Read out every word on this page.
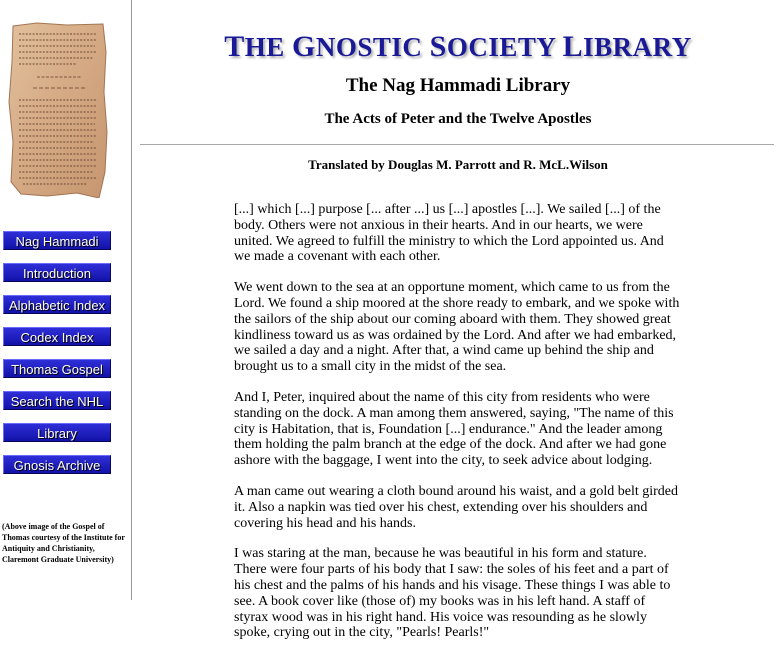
Nag Hammadi
Introduction
Alphabetic Index
Codex Index
Thomas Gospel
Search the NHL
Library
Gnosis Archive
(Above image of the Gospel of Thomas courtesy of the Institute for Antiquity and Christianity, Claremont Graduate University)
THE GNOSTIC SOCIETY LIBRARY
The Nag Hammadi Library
The Acts of Peter and the Twelve Apostles
Translated by Douglas M. Parrott and R. McL.Wilson

[...] which [...] purpose [... after ...] us [...] apostles [...]. We sailed [...] of the body. Others were not anxious in their hearts. And in our hearts, we were united. We agreed to fulfill the ministry to which the Lord appointed us. And we made a covenant with each other.

We went down to the sea at an opportune moment, which came to us from the Lord. We found a ship moored at the shore ready to embark, and we spoke with the sailors of the ship about our coming aboard with them. They showed great kindliness toward us as was ordained by the Lord. And after we had embarked, we sailed a day and a night. After that, a wind came up behind the ship and brought us to a small city in the midst of the sea.

And I, Peter, inquired about the name of this city from residents who were standing on the dock. A man among them answered, saying, "The name of this city is Habitation, that is, Foundation [...] endurance." And the leader among them holding the palm branch at the edge of the dock. And after we had gone ashore with the baggage, I went into the city, to seek advice about lodging.

A man came out wearing a cloth bound around his waist, and a gold belt girded it. Also a napkin was tied over his chest, extending over his shoulders and covering his head and his hands.

I was staring at the man, because he was beautiful in his form and stature. There were four parts of his body that I saw: the soles of his feet and a part of his chest and the palms of his hands and his visage. These things I was able to see. A book cover like (those of) my books was in his left hand. A staff of styrax wood was in his right hand. His voice was resounding as he slowly spoke, crying out in the city, "Pearls! Pearls!"
